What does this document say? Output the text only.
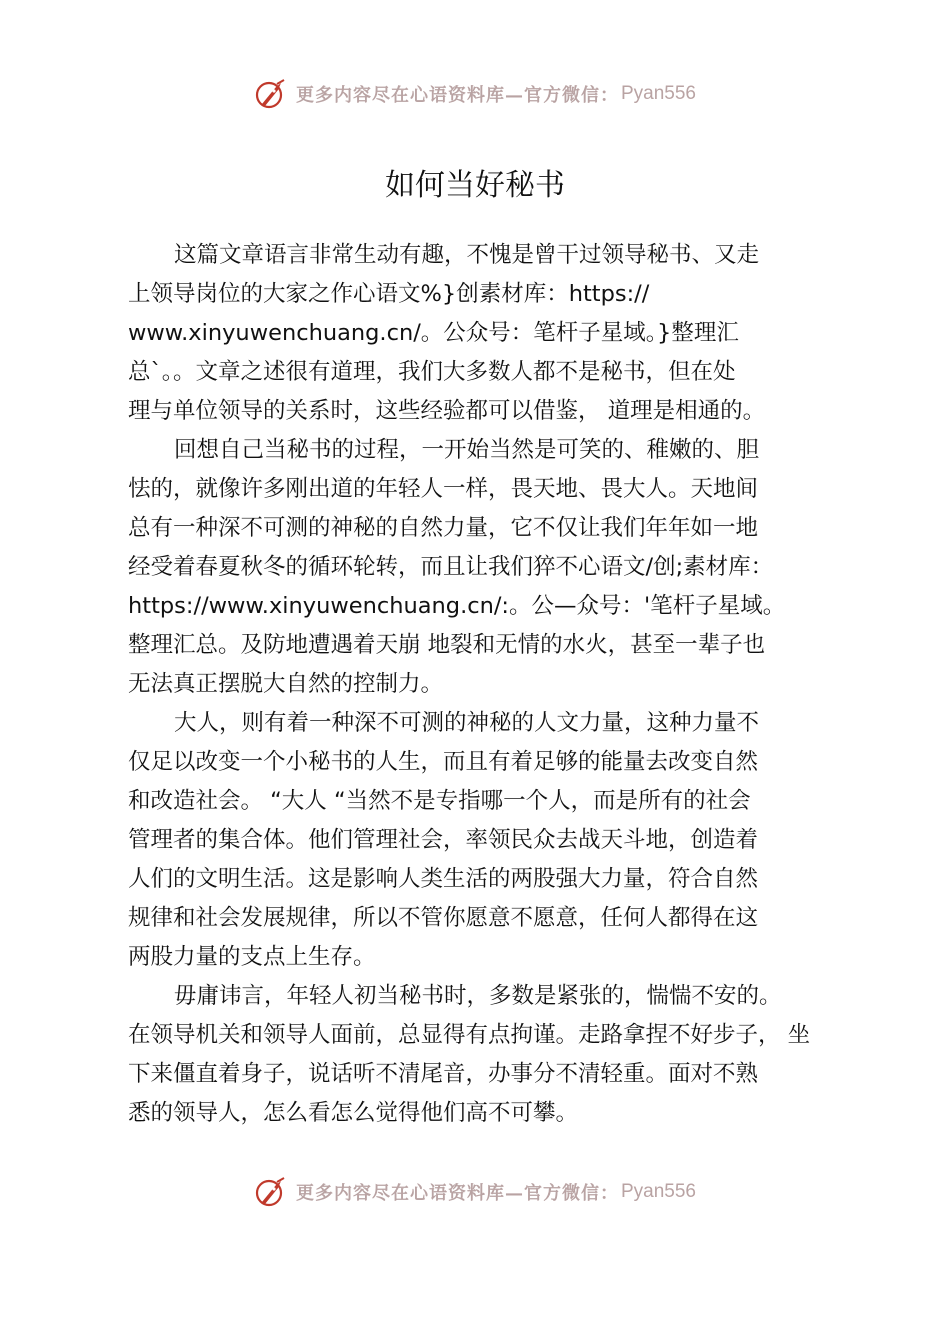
更多内容尽在心语资料库—官方微信： Pyan556
如何当好秘书
这篇文章语言非常生动有趣，不愧是曾干过领导秘书、又走
上领导岗位的大家之作心语文%}创素材库：https://
www.xinyuwenchuang.cn/。公众号：笔杆子星域。}整理汇
总`。。文章之述很有道理，我们大多数人都不是秘书，但在处
理与单位领导的关系时，这些经验都可以借鉴， 道理是相通的。
回想自己当秘书的过程，一开始当然是可笑的、稚嫩的、胆
怯的，就像许多刚出道的年轻人一样，畏天地、畏大人。天地间
总有一种深不可测的神秘的自然力量，它不仅让我们年年如一地
经受着春夏秋冬的循环轮转，而且让我们猝不心语文/创;素材库：
https://www.xinyuwenchuang.cn/:。公—众号：'笔杆子星域。
整理汇总。及防地遭遇着天崩 地裂和无情的水火，甚至一辈子也
无法真正摆脱大自然的控制力。
大人，则有着一种深不可测的神秘的人文力量，这种力量不
仅足以改变一个小秘书的人生，而且有着足够的能量去改变自然
和改造社会。 “大人 “当然不是专指哪一个人，而是所有的社会
管理者的集合体。他们管理社会，率领民众去战天斗地，创造着
人们的文明生活。这是影响人类生活的两股强大力量，符合自然
规律和社会发展规律，所以不管你愿意不愿意，任何人都得在这
两股力量的支点上生存。
毋庸讳言，年轻人初当秘书时，多数是紧张的，惴惴不安的。
在领导机关和领导人面前，总显得有点拘谨。走路拿捏不好步子， 坐
下来僵直着身子，说话听不清尾音，办事分不清轻重。面对不熟
悉的领导人，怎么看怎么觉得他们高不可攀。
更多内容尽在心语资料库—官方微信： Pyan556
